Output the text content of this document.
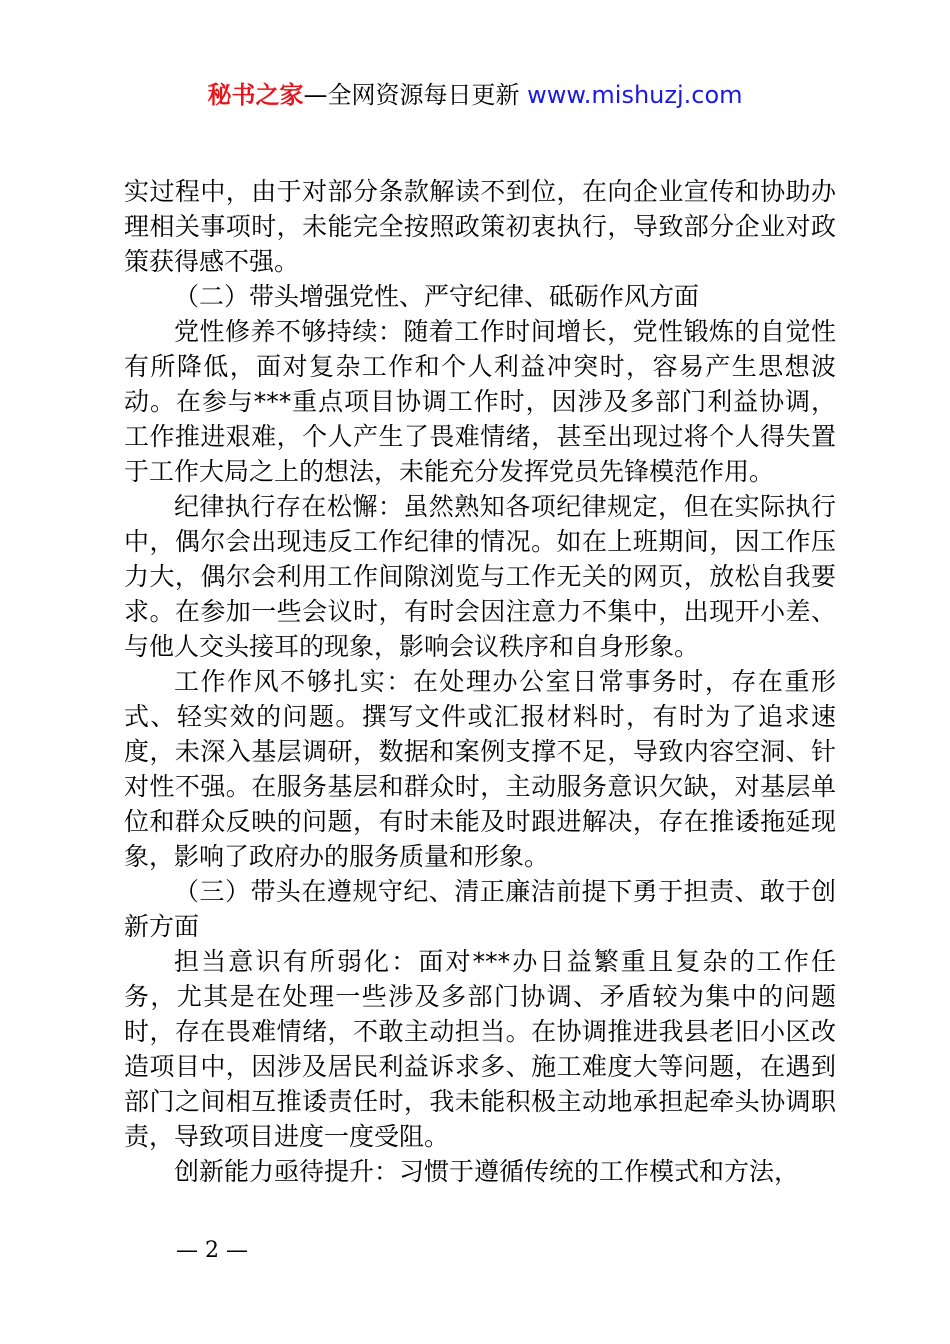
秘书之家—全网资源每日更新 www.mishuzj.com

实过程中，由于对部分条款解读不到位，在向企业宣传和协助办理相关事项时，未能完全按照政策初衷执行，导致部分企业对政策获得感不强。

（二）带头增强党性、严守纪律、砥砺作风方面

党性修养不够持续：随着工作时间增长，党性锻炼的自觉性有所降低，面对复杂工作和个人利益冲突时，容易产生思想波动。在参与***重点项目协调工作时，因涉及多部门利益协调，工作推进艰难，个人产生了畏难情绪，甚至出现过将个人得失置于工作大局之上的想法，未能充分发挥党员先锋模范作用。

纪律执行存在松懈：虽然熟知各项纪律规定，但在实际执行中，偶尔会出现违反工作纪律的情况。如在上班期间，因工作压力大，偶尔会利用工作间隙浏览与工作无关的网页，放松自我要求。在参加一些会议时，有时会因注意力不集中，出现开小差、与他人交头接耳的现象，影响会议秩序和自身形象。

工作作风不够扎实：在处理办公室日常事务时，存在重形式、轻实效的问题。撰写文件或汇报材料时，有时为了追求速度，未深入基层调研，数据和案例支撑不足，导致内容空洞、针对性不强。在服务基层和群众时，主动服务意识欠缺，对基层单位和群众反映的问题，有时未能及时跟进解决，存在推诿拖延现象，影响了政府办的服务质量和形象。

（三）带头在遵规守纪、清正廉洁前提下勇于担责、敢于创新方面

担当意识有所弱化：面对***办日益繁重且复杂的工作任务，尤其是在处理一些涉及多部门协调、矛盾较为集中的问题时，存在畏难情绪，不敢主动担当。在协调推进我县老旧小区改造项目中，因涉及居民利益诉求多、施工难度大等问题，在遇到部门之间相互推诿责任时，我未能积极主动地承担起牵头协调职责，导致项目进度一度受阻。

创新能力亟待提升：习惯于遵循传统的工作模式和方法，

— 2 —
